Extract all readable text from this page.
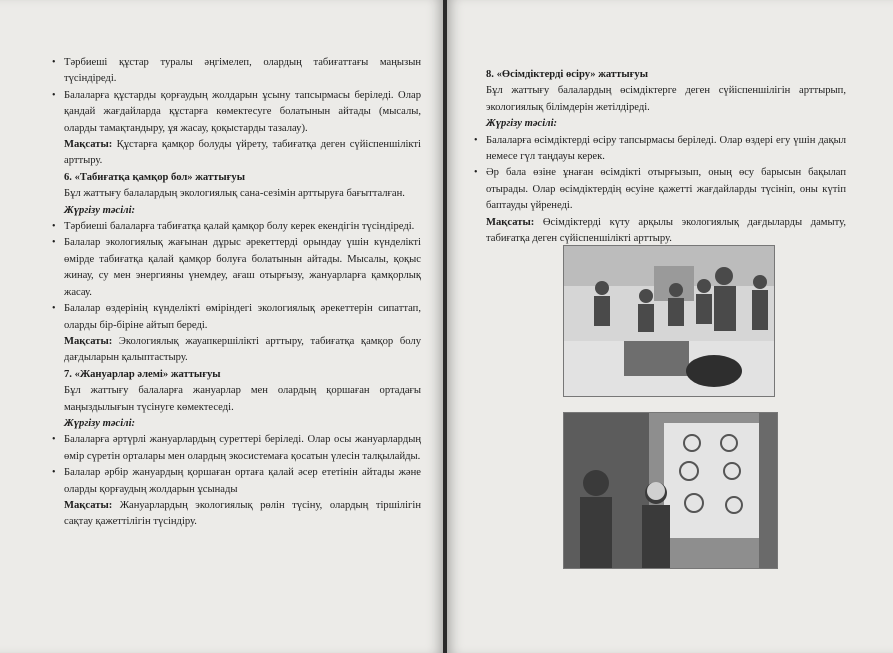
• Тәрбиеші құстар туралы әңгімелеп, олардың табиғаттағы маңызын түсіндіреді.

• Балаларға құстарды қорғаудың жолдарын ұсыну тапсырмасы беріледі. Олар қандай жағдайларда құстарға көмектесуге болатынын айтады (мысалы, оларды тамақтандыру, ұя жасау, қоқыстарды тазалау).

Мақсаты: Құстарға қамқор болуды үйрету, табиғатқа деген сүйіспеншілікті арттыру.

6. «Табиғатқа қамқор бол» жаттығуы

Бұл жаттығу балалардың экологиялық сана-сезімін арттыруға бағытталған.

Жүргізу тәсілі:

• Тәрбиеші балаларға табиғатқа қалай қамқор болу керек екендігін түсіндіреді.

• Балалар экологиялық жағынан дұрыс әрекеттерді орындау үшін күнделікті өмірде табиғатқа қалай қамқор болуға болатынын айтады. Мысалы, қоқыс жинау, су мен энергияны үнемдеу, ағаш отырғызу, жануарларға қамқорлық жасау.

• Балалар өздерінің күнделікті өміріндегі экологиялық әрекеттерін сипаттап, оларды бір-біріне айтып береді.

Мақсаты: Экологиялық жауапкершілікті арттыру, табиғатқа қамқор болу дағдыларын қалыптастыру.

7. «Жануарлар әлемі» жаттығуы

Бұл жаттығу балаларға жануарлар мен олардың қоршаған ортадағы маңыздылығын түсінуге көмектеседі.

Жүргізу тәсілі:

• Балаларға әртүрлі жануарлардың суреттері беріледі. Олар осы жануарлардың өмір сүретін орталары мен олардың экосистемаға қосатын үлесін талқылайды.

• Балалар әрбір жануардың қоршаған ортаға қалай әсер ететінін айтады және оларды қорғаудың жолдарын ұсынады

Мақсаты: Жануарлардың экологиялық рөлін түсіну, олардың тіршілігін сақтау қажеттілігін түсіндіру.

8. «Өсімдіктерді өсіру» жаттығуы

Бұл жаттығу балалардың өсімдіктерге деген сүйіспеншілігін арттырып, экологиялық білімдерін жетілдіреді.

Жүргізу тәсілі:

• Балаларға өсімдіктерді өсіру тапсырмасы беріледі. Олар өздері егу үшін дақыл немесе гүл таңдауы керек.

• Әр бала өзіне ұнаған өсімдікті отырғызып, оның өсу барысын бақылап отырады. Олар өсімдіктердің өсуіне қажетті жағдайларды түсініп, оны күтіп баптауды үйренеді.

Мақсаты: Өсімдіктерді күту арқылы экологиялық дағдыларды дамыту, табиғатқа деген сүйіспеншілікті арттыру.
